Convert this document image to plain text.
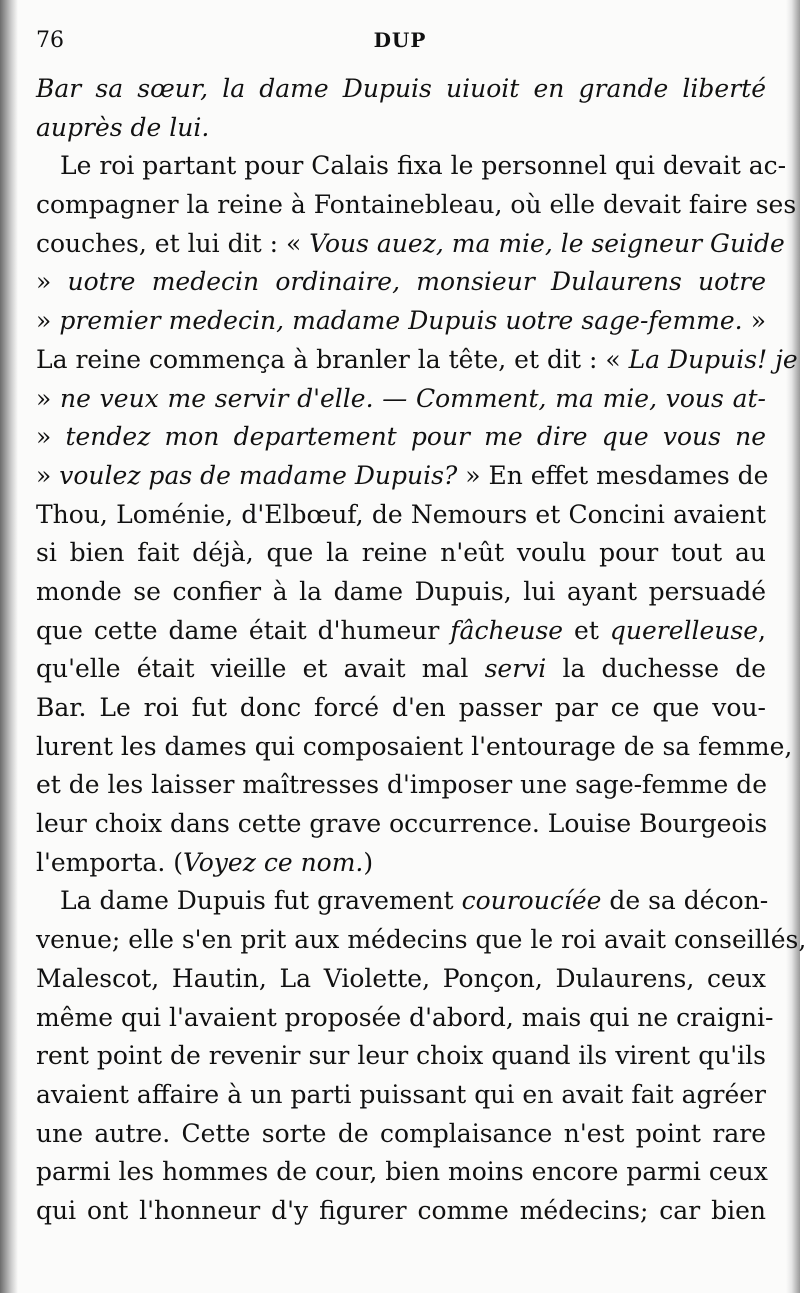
76	DUP
Bar sa sœur, la dame Dupuis uiuoit en grande liberté
auprès de lui.
Le roi partant pour Calais fixa le personnel qui devait ac-
compagner la reine à Fontainebleau, où elle devait faire ses
couches, et lui dit : « Vous auez, ma mie, le seigneur Guide
» uotre medecin ordinaire, monsieur Dulaurens uotre
» premier medecin, madame Dupuis uotre sage-femme. »
La reine commença à branler la tête, et dit : « La Dupuis! je
» ne veux me servir d'elle. — Comment, ma mie, vous at-
» tendez mon departement pour me dire que vous ne
» voulez pas de madame Dupuis? » En effet mesdames de
Thou, Loménie, d'Elbœuf, de Nemours et Concini avaient
si bien fait déjà, que la reine n'eût voulu pour tout au
monde se confier à la dame Dupuis, lui ayant persuadé
que cette dame était d'humeur fâcheuse et querelleuse,
qu'elle était vieille et avait mal servi la duchesse de
Bar. Le roi fut donc forcé d'en passer par ce que vou-
lurent les dames qui composaient l'entourage de sa femme,
et de les laisser maîtresses d'imposer une sage-femme de
leur choix dans cette grave occurrence. Louise Bourgeois
l'emporta. (Voyez ce nom.)
La dame Dupuis fut gravement couroucíée de sa décon-
venue; elle s'en prit aux médecins que le roi avait conseillés,
Malescot, Hautin, La Violette, Ponçon, Dulaurens, ceux
même qui l'avaient proposée d'abord, mais qui ne craigni-
rent point de revenir sur leur choix quand ils virent qu'ils
avaient affaire à un parti puissant qui en avait fait agréer
une autre. Cette sorte de complaisance n'est point rare
parmi les hommes de cour, bien moins encore parmi ceux
qui ont l'honneur d'y figurer comme médecins; car bien
